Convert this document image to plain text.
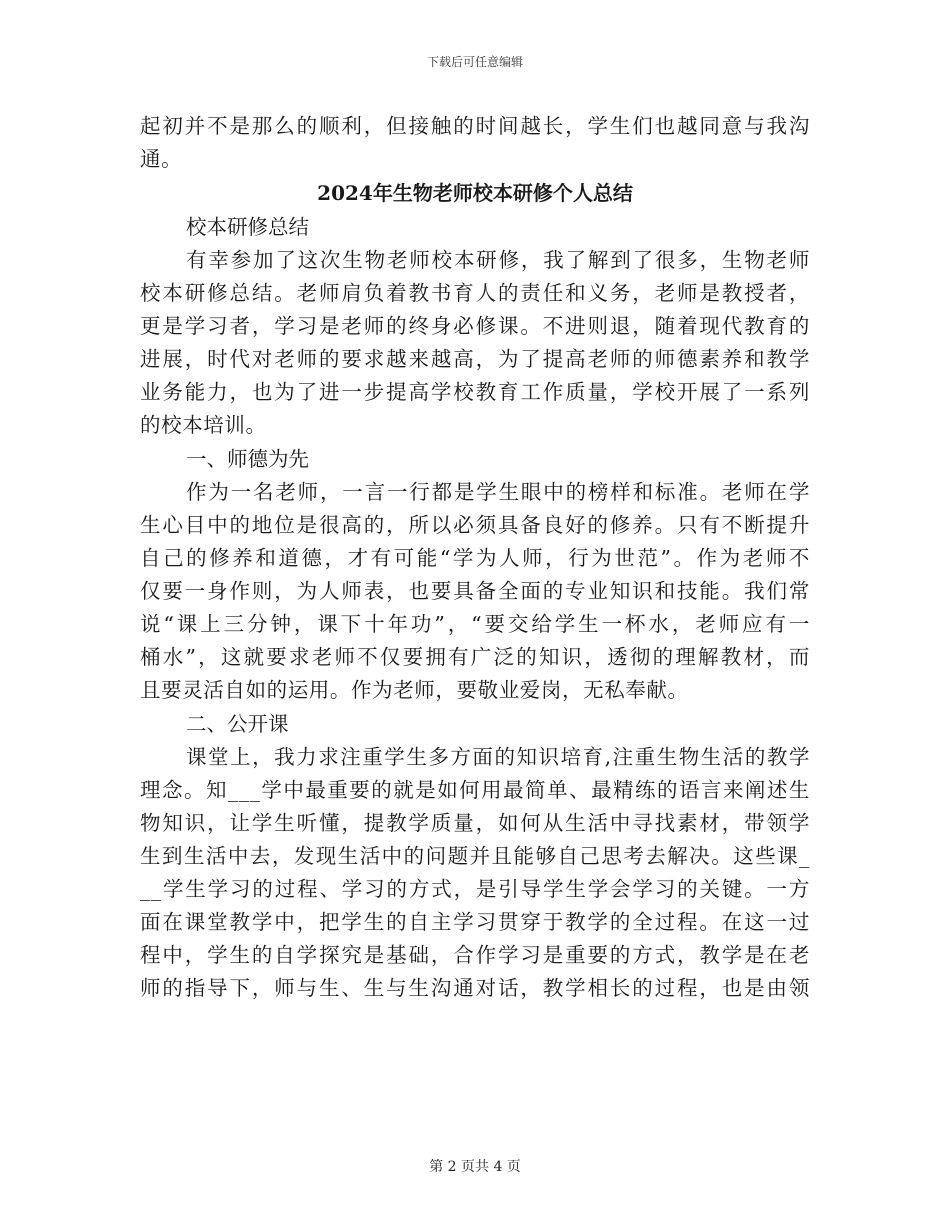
下载后可任意编辑
起初并不是那么的顺利，但接触的时间越长，学生们也越同意与我沟
通。
2024年生物老师校本研修个人总结
校本研修总结
有幸参加了这次生物老师校本研修，我了解到了很多，生物老师
校本研修总结。老师肩负着教书育人的责任和义务，老师是教授者，
更是学习者，学习是老师的终身必修课。不进则退，随着现代教育的
进展，时代对老师的要求越来越高，为了提高老师的师德素养和教学
业务能力，也为了进一步提高学校教育工作质量，学校开展了一系列
的校本培训。
一、师德为先
作为一名老师，一言一行都是学生眼中的榜样和标准。老师在学
生心目中的地位是很高的，所以必须具备良好的修养。只有不断提升
自己的修养和道德，才有可能“学为人师，行为世范”。作为老师不
仅要一身作则，为人师表，也要具备全面的专业知识和技能。我们常
说“课上三分钟，课下十年功”，“要交给学生一杯水，老师应有一
桶水”，这就要求老师不仅要拥有广泛的知识，透彻的理解教材，而
且要灵活自如的运用。作为老师，要敬业爱岗，无私奉献。
二、公开课
课堂上，我力求注重学生多方面的知识培育,注重生物生活的教学
理念。知___学中最重要的就是如何用最简单、最精练的语言来阐述生
物知识，让学生听懂，提教学质量，如何从生活中寻找素材，带领学
生到生活中去，发现生活中的问题并且能够自己思考去解决。这些课_
__学生学习的过程、学习的方式，是引导学生学会学习的关键。一方
面在课堂教学中，把学生的自主学习贯穿于教学的全过程。在这一过
程中，学生的自学探究是基础，合作学习是重要的方式，教学是在老
师的指导下，师与生、生与生沟通对话，教学相长的过程，也是由领
第 2 页共 4 页
